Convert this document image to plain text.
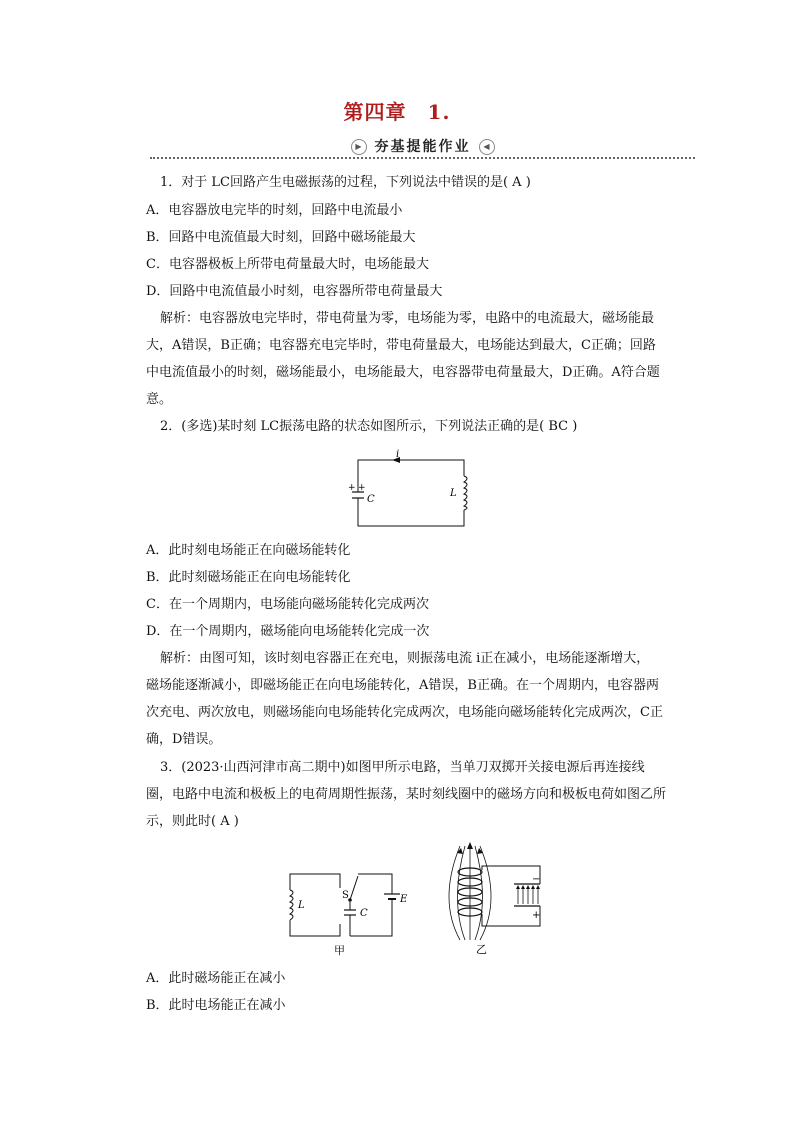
第四章　1.
▶ 夯基提能作业 ◀
1．对于 LC回路产生电磁振荡的过程，下列说法中错误的是( A )
A．电容器放电完毕的时刻，回路中电流最小
B．回路中电流值最大时刻，回路中磁场能最大
C．电容器极板上所带电荷量最大时，电场能最大
D．回路中电流值最小时刻，电容器所带电荷量最大
解析：电容器放电完毕时，带电荷量为零，电场能为零，电路中的电流最大，磁场能最
大，A错误，B正确；电容器充电完毕时，带电荷量最大，电场能达到最大，C正确；回路
中电流值最小的时刻，磁场能最小，电场能最大，电容器带电荷量最大，D正确。A符合题
意。
2．(多选)某时刻 LC振荡电路的状态如图所示，下列说法正确的是( BC )
i
+ +
C
L
A．此时刻电场能正在向磁场能转化
B．此时刻磁场能正在向电场能转化
C．在一个周期内，电场能向磁场能转化完成两次
D．在一个周期内，磁场能向电场能转化完成一次
解析：由图可知，该时刻电容器正在充电，则振荡电流 i正在减小，电场能逐渐增大，
磁场能逐渐减小，即磁场能正在向电场能转化，A错误，B正确。在一个周期内，电容器两
次充电、两次放电，则磁场能向电场能转化完成两次，电场能向磁场能转化完成两次，C正
确，D错误。
3．(2023·山西河津市高二期中)如图甲所示电路，当单刀双掷开关接电源后再连接线
圈，电路中电流和极板上的电荷周期性振荡，某时刻线圈中的磁场方向和极板电荷如图乙所
示，则此时( A )
L
S
C
E
甲
−
+
乙
A．此时磁场能正在减小
B．此时电场能正在减小
